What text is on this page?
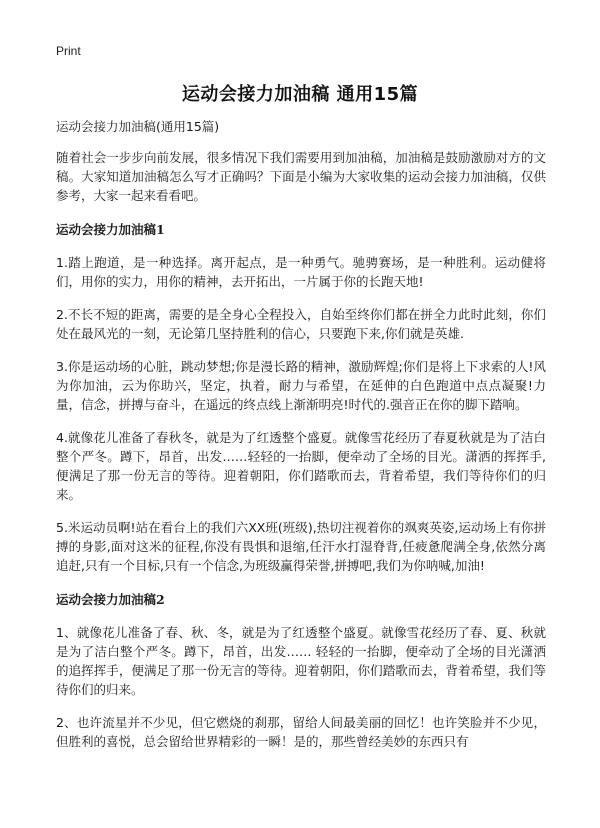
Print
运动会接力加油稿 通用15篇
运动会接力加油稿(通用15篇)
随着社会一步步向前发展，很多情况下我们需要用到加油稿，加油稿是鼓励激励对方的文稿。大家知道加油稿怎么写才正确吗？下面是小编为大家收集的运动会接力加油稿，仅供参考，大家一起来看看吧。
运动会接力加油稿1
1.踏上跑道，是一种选择。离开起点，是一种勇气。驰骋赛场，是一种胜利。运动健将们，用你的实力，用你的精神，去开拓出，一片属于你的长跑天地!
2.不长不短的距离，需要的是全身心全程投入，自始至终你们都在拼全力此时此刻，你们处在最风光的一刻，无论第几坚持胜利的信心，只要跑下来,你们就是英雄.
3.你是运动场的心脏，跳动梦想;你是漫长路的精神，激励辉煌;你们是将上下求索的人!风为你加油，云为你助兴，坚定，执着，耐力与希望，在延伸的白色跑道中点点凝聚!力量，信念，拼搏与奋斗，在遥远的终点线上渐渐明亮!时代的.强音正在你的脚下踏响。
4.就像花儿准备了春秋冬，就是为了红透整个盛夏。就像雪花经历了春夏秋就是为了洁白整个严冬。蹲下，昂首，出发……轻轻的一抬脚，便牵动了全场的目光。潇洒的挥挥手,便满足了那一份无言的等待。迎着朝阳，你们踏歌而去，背着希望，我们等待你们的归来。
5.米运动员啊!站在看台上的我们六XX班(班级),热切注视着你的飒爽英姿,运动场上有你拼搏的身影,面对这米的征程,你没有畏惧和退缩,任汗水打湿脊背,任疲惫爬满全身,依然分离追赶,只有一个目标,只有一个信念,为班级赢得荣誉,拼搏吧,我们为你呐喊,加油!
运动会接力加油稿2
1、就像花儿准备了春、秋、冬，就是为了红透整个盛夏。就像雪花经历了春、夏、秋就是为了洁白整个严冬。蹲下，昂首，出发…… 轻轻的一抬脚，便牵动了全场的目光潇洒的追挥挥手，便满足了那一份无言的等待。迎着朝阳，你们踏歌而去，背着希望，我们等待你们的归来。
2、也许流星并不少见，但它燃烧的刹那，留给人间最美丽的回忆！也许笑脸并不少见，但胜利的喜悦，总会留给世界精彩的一瞬！是的，那些曾经美妙的东西只有
